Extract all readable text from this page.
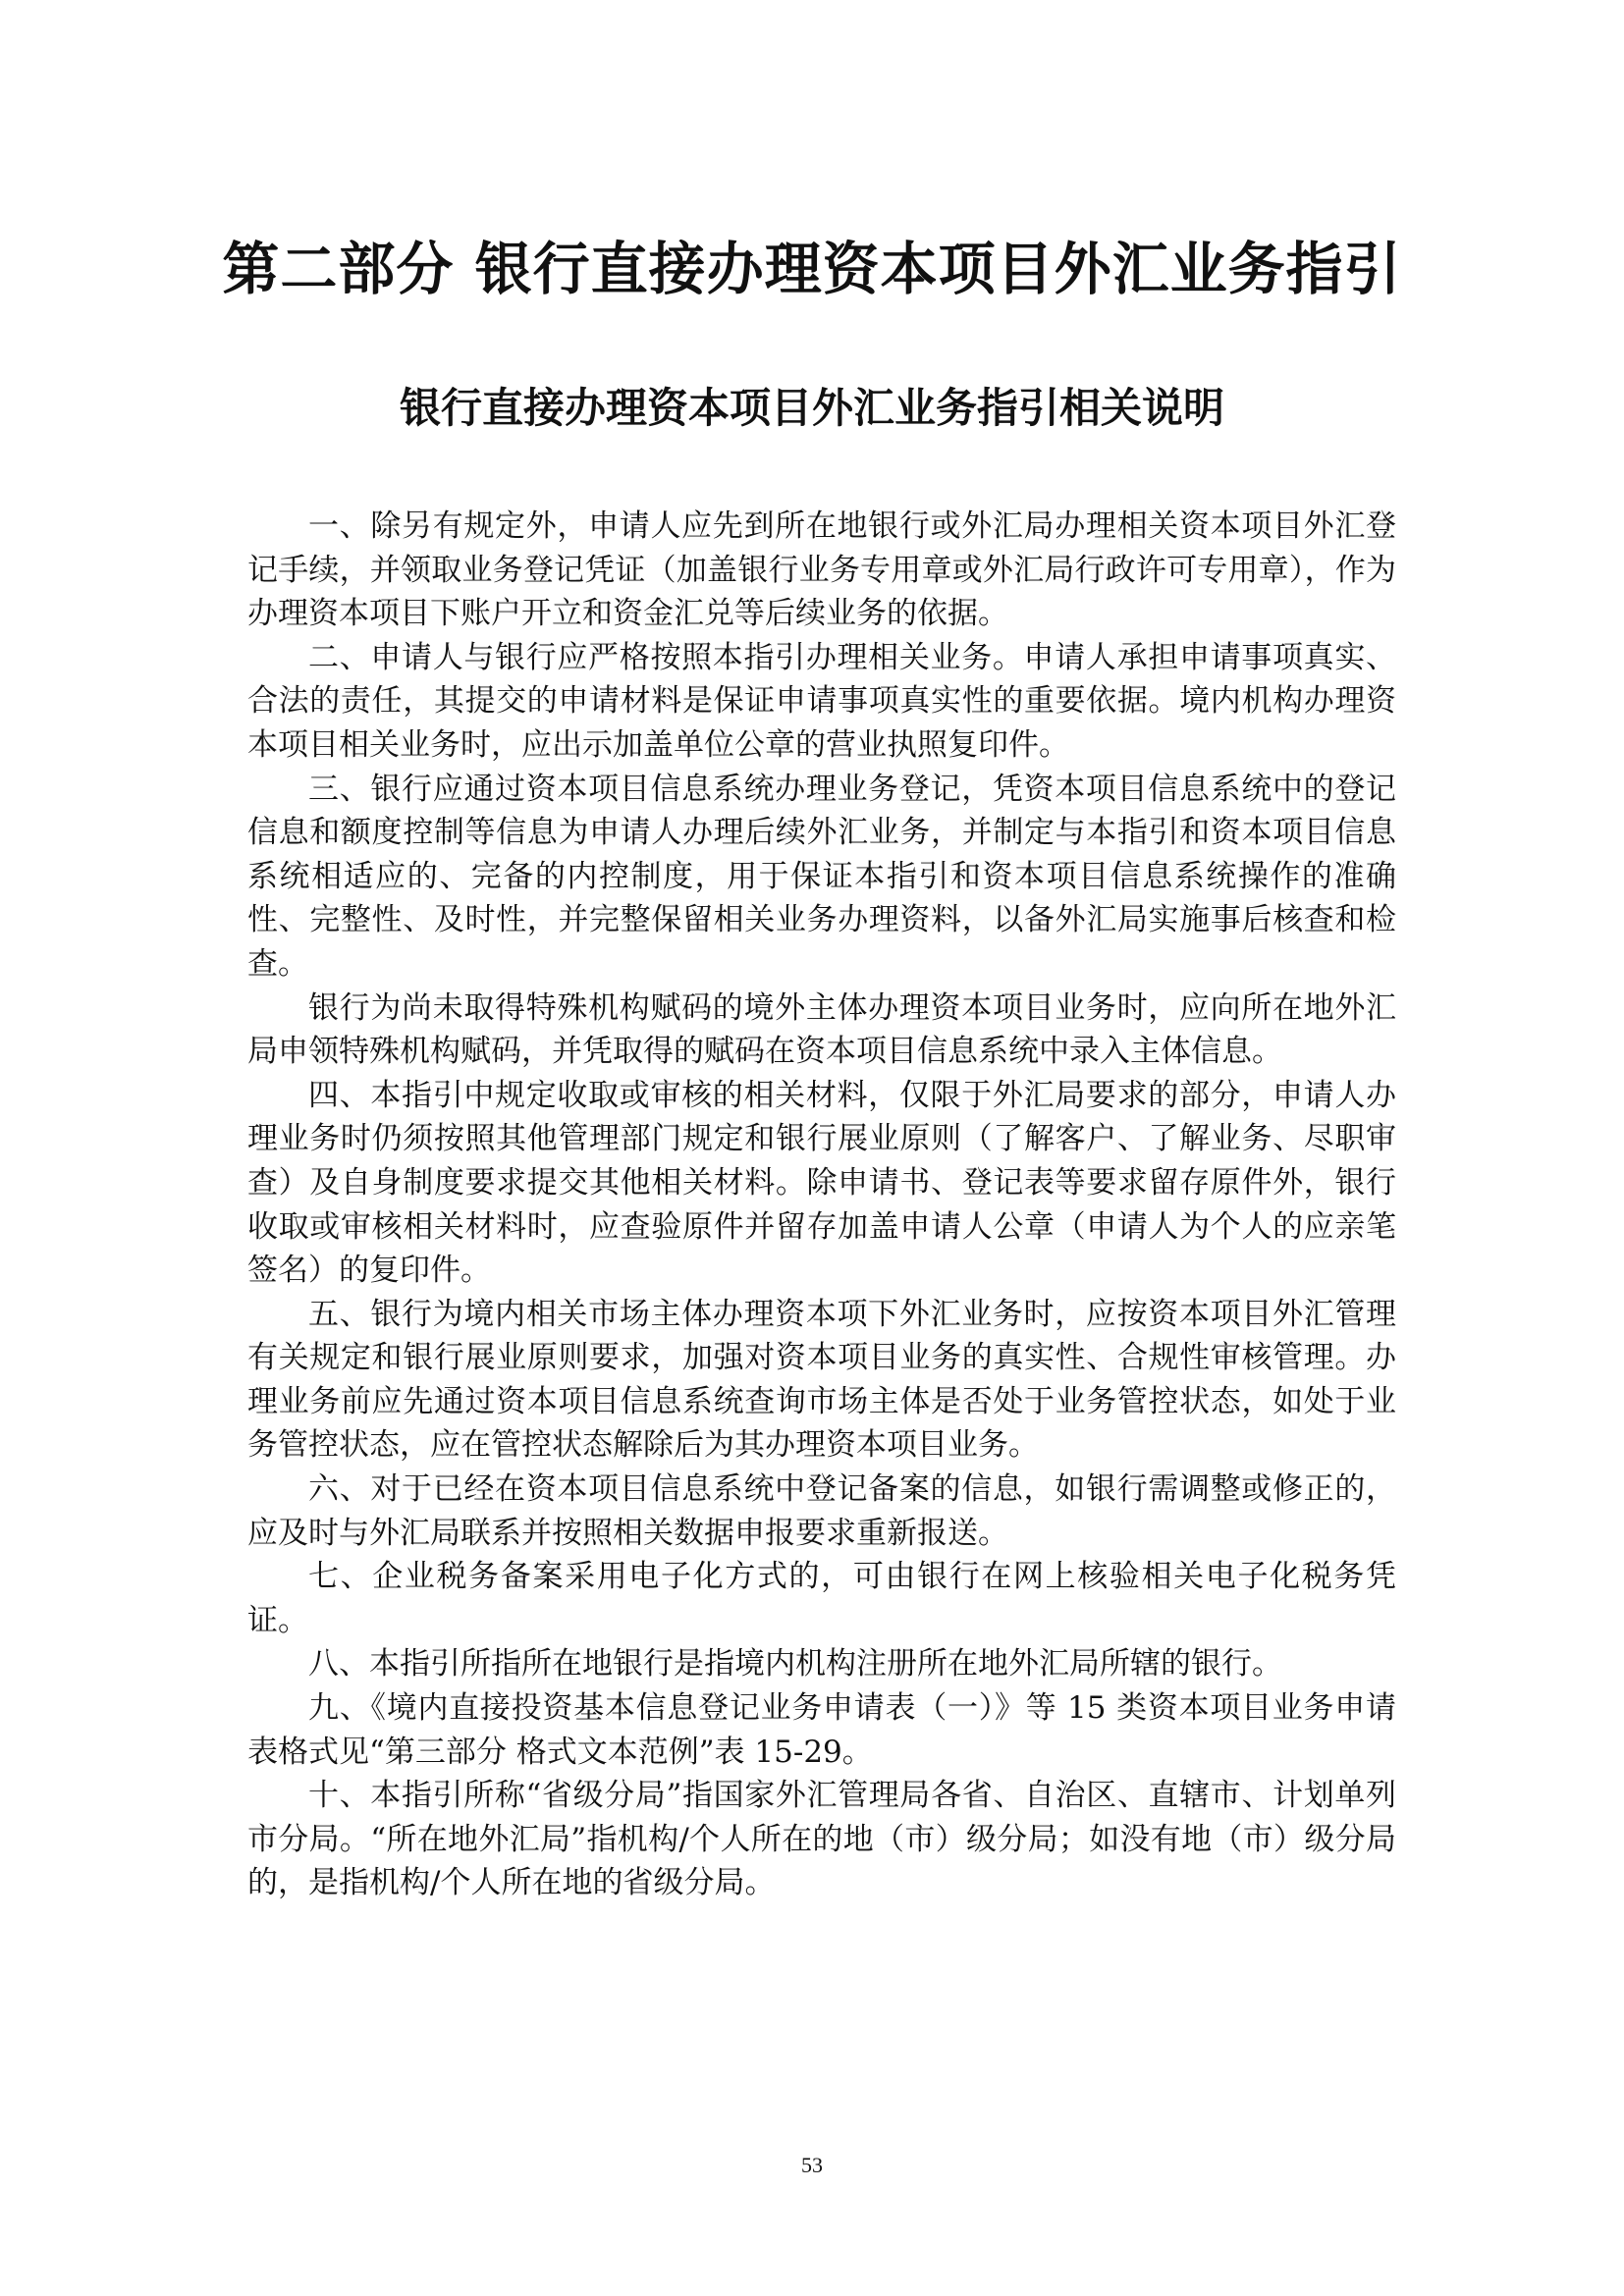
第二部分 银行直接办理资本项目外汇业务指引
银行直接办理资本项目外汇业务指引相关说明

一、除另有规定外，申请人应先到所在地银行或外汇局办理相关资本项目外汇登记手续，并领取业务登记凭证（加盖银行业务专用章或外汇局行政许可专用章），作为办理资本项目下账户开立和资金汇兑等后续业务的依据。

二、申请人与银行应严格按照本指引办理相关业务。申请人承担申请事项真实、合法的责任，其提交的申请材料是保证申请事项真实性的重要依据。境内机构办理资本项目相关业务时，应出示加盖单位公章的营业执照复印件。

三、银行应通过资本项目信息系统办理业务登记，凭资本项目信息系统中的登记信息和额度控制等信息为申请人办理后续外汇业务，并制定与本指引和资本项目信息系统相适应的、完备的内控制度，用于保证本指引和资本项目信息系统操作的准确性、完整性、及时性，并完整保留相关业务办理资料，以备外汇局实施事后核查和检查。

银行为尚未取得特殊机构赋码的境外主体办理资本项目业务时，应向所在地外汇局申领特殊机构赋码，并凭取得的赋码在资本项目信息系统中录入主体信息。

四、本指引中规定收取或审核的相关材料，仅限于外汇局要求的部分，申请人办理业务时仍须按照其他管理部门规定和银行展业原则（了解客户、了解业务、尽职审查）及自身制度要求提交其他相关材料。除申请书、登记表等要求留存原件外，银行收取或审核相关材料时，应查验原件并留存加盖申请人公章（申请人为个人的应亲笔签名）的复印件。

五、银行为境内相关市场主体办理资本项下外汇业务时，应按资本项目外汇管理有关规定和银行展业原则要求，加强对资本项目业务的真实性、合规性审核管理。办理业务前应先通过资本项目信息系统查询市场主体是否处于业务管控状态，如处于业务管控状态，应在管控状态解除后为其办理资本项目业务。

六、对于已经在资本项目信息系统中登记备案的信息，如银行需调整或修正的，应及时与外汇局联系并按照相关数据申报要求重新报送。

七、企业税务备案采用电子化方式的，可由银行在网上核验相关电子化税务凭证。

八、本指引所指所在地银行是指境内机构注册所在地外汇局所辖的银行。

九、《境内直接投资基本信息登记业务申请表（一）》等 15 类资本项目业务申请表格式见“第三部分 格式文本范例”表 15-29。

十、本指引所称“省级分局”指国家外汇管理局各省、自治区、直辖市、计划单列市分局。“所在地外汇局”指机构/个人所在的地（市）级分局；如没有地（市）级分局的，是指机构/个人所在地的省级分局。

53
